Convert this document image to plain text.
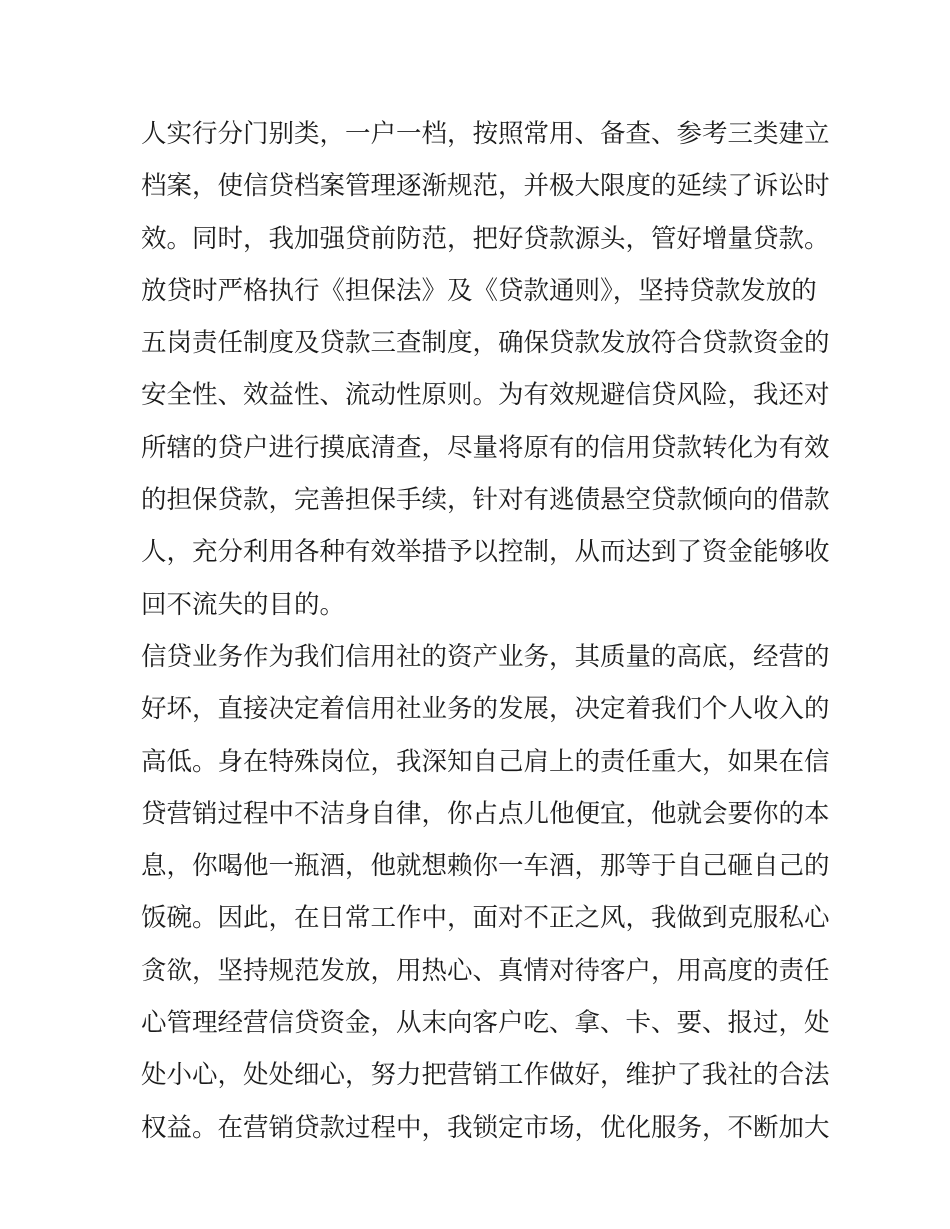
人实行分门别类，一户一档，按照常用、备查、参考三类建立
档案，使信贷档案管理逐渐规范，并极大限度的延续了诉讼时
效。同时，我加强贷前防范，把好贷款源头，管好增量贷款。
放贷时严格执行《担保法》及《贷款通则》，坚持贷款发放的
五岗责任制度及贷款三查制度，确保贷款发放符合贷款资金的
安全性、效益性、流动性原则。为有效规避信贷风险，我还对
所辖的贷户进行摸底清查，尽量将原有的信用贷款转化为有效
的担保贷款，完善担保手续，针对有逃债悬空贷款倾向的借款
人，充分利用各种有效举措予以控制，从而达到了资金能够收
回不流失的目的。
信贷业务作为我们信用社的资产业务，其质量的高底，经营的
好坏，直接决定着信用社业务的发展，决定着我们个人收入的
高低。身在特殊岗位，我深知自己肩上的责任重大，如果在信
贷营销过程中不洁身自律，你占点儿他便宜，他就会要你的本
息，你喝他一瓶酒，他就想赖你一车酒，那等于自己砸自己的
饭碗。因此，在日常工作中，面对不正之风，我做到克服私心
贪欲，坚持规范发放，用热心、真情对待客户，用高度的责任
心管理经营信贷资金，从末向客户吃、拿、卡、要、报过，处
处小心，处处细心，努力把营销工作做好，维护了我社的合法
权益。在营销贷款过程中，我锁定市场，优化服务，不断加大
